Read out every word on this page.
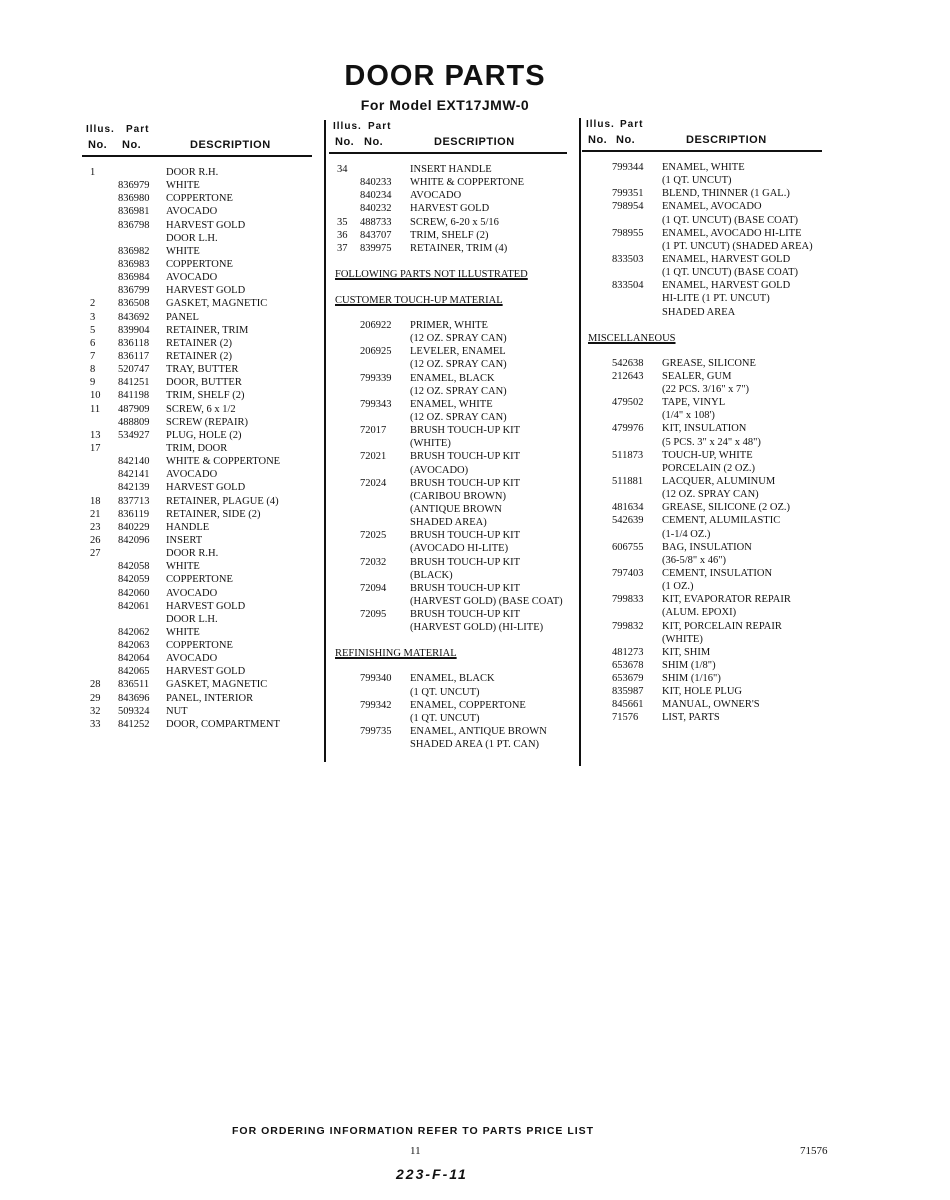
DOOR PARTS
For Model EXT17JMW-0
Illus. Part
No. No.	DESCRIPTION
1	DOOR R.H.
836979 WHITE
836980 COPPERTONE
836981 AVOCADO
836798 HARVEST GOLD
DOOR L.H.
836982 WHITE
836983 COPPERTONE
836984 AVOCADO
836799 HARVEST GOLD
2 836508 GASKET, MAGNETIC
3 843692 PANEL
5 839904 RETAINER, TRIM
6 836118 RETAINER (2)
7 836117 RETAINER (2)
8 520747 TRAY, BUTTER
9 841251 DOOR, BUTTER
10 841198 TRIM, SHELF (2)
11 487909 SCREW, 6 x 1/2
488809 SCREW (REPAIR)
13 534927 PLUG, HOLE (2)
17	TRIM, DOOR
842140 WHITE & COPPERTONE
842141 AVOCADO
842139 HARVEST GOLD
18 837713 RETAINER, PLAGUE (4)
21 836119 RETAINER, SIDE (2)
23 840229 HANDLE
26 842096 INSERT
27	DOOR R.H.
842058 WHITE
842059 COPPERTONE
842060 AVOCADO
842061 HARVEST GOLD
DOOR L.H.
842062 WHITE
842063 COPPERTONE
842064 AVOCADO
842065 HARVEST GOLD
28 836511 GASKET, MAGNETIC
29 843696 PANEL, INTERIOR
32 509324 NUT
33 841252 DOOR, COMPARTMENT
Illus. Part
No. No.	DESCRIPTION
34	INSERT HANDLE
840233 WHITE & COPPERTONE
840234 AVOCADO
840232 HARVEST GOLD
35 488733 SCREW, 6-20 x 5/16
36 843707 TRIM, SHELF (2)
37 839975 RETAINER, TRIM (4)
FOLLOWING PARTS NOT ILLUSTRATED
CUSTOMER TOUCH-UP MATERIAL
206922 PRIMER, WHITE
(12 OZ. SPRAY CAN)
206925 LEVELER, ENAMEL
(12 OZ. SPRAY CAN)
799339 ENAMEL, BLACK
(12 OZ. SPRAY CAN)
799343 ENAMEL, WHITE
(12 OZ. SPRAY CAN)
72017 BRUSH TOUCH-UP KIT
(WHITE)
72021 BRUSH TOUCH-UP KIT
(AVOCADO)
72024 BRUSH TOUCH-UP KIT
(CARIBOU BROWN)
(ANTIQUE BROWN
SHADED AREA)
72025 BRUSH TOUCH-UP KIT
(AVOCADO HI-LITE)
72032 BRUSH TOUCH-UP KIT
(BLACK)
72094 BRUSH TOUCH-UP KIT
(HARVEST GOLD) (BASE COAT)
72095 BRUSH TOUCH-UP KIT
(HARVEST GOLD) (HI-LITE)
REFINISHING MATERIAL
799340 ENAMEL, BLACK
(1 QT. UNCUT)
799342 ENAMEL, COPPERTONE
(1 QT. UNCUT)
799735 ENAMEL, ANTIQUE BROWN
SHADED AREA (1 PT. CAN)
Illus. Part
No. No.	DESCRIPTION
799344 ENAMEL, WHITE
(1 QT. UNCUT)
799351 BLEND, THINNER (1 GAL.)
798954 ENAMEL, AVOCADO
(1 QT. UNCUT) (BASE COAT)
798955 ENAMEL, AVOCADO HI-LITE
(1 PT. UNCUT) (SHADED AREA)
833503 ENAMEL, HARVEST GOLD
(1 QT. UNCUT) (BASE COAT)
833504 ENAMEL, HARVEST GOLD
HI-LITE (1 PT. UNCUT)
SHADED AREA
MISCELLANEOUS
542638 GREASE, SILICONE
212643 SEALER, GUM
(22 PCS. 3/16" x 7")
479502 TAPE, VINYL
(1/4" x 108')
479976 KIT, INSULATION
(5 PCS. 3" x 24" x 48")
511873 TOUCH-UP, WHITE
PORCELAIN (2 OZ.)
511881 LACQUER, ALUMINUM
(12 OZ. SPRAY CAN)
481634 GREASE, SILICONE (2 OZ.)
542639 CEMENT, ALUMILASTIC
(1-1/4 OZ.)
606755 BAG, INSULATION
(36-5/8" x 46")
797403 CEMENT, INSULATION
(1 OZ.)
799833 KIT, EVAPORATOR REPAIR
(ALUM. EPOXI)
799832 KIT, PORCELAIN REPAIR
(WHITE)
481273 KIT, SHIM
653678 SHIM (1/8")
653679 SHIM (1/16")
835987 KIT, HOLE PLUG
845661 MANUAL, OWNER'S
71576 LIST, PARTS
FOR ORDERING INFORMATION REFER TO PARTS PRICE LIST
11	71576
223-F-11
